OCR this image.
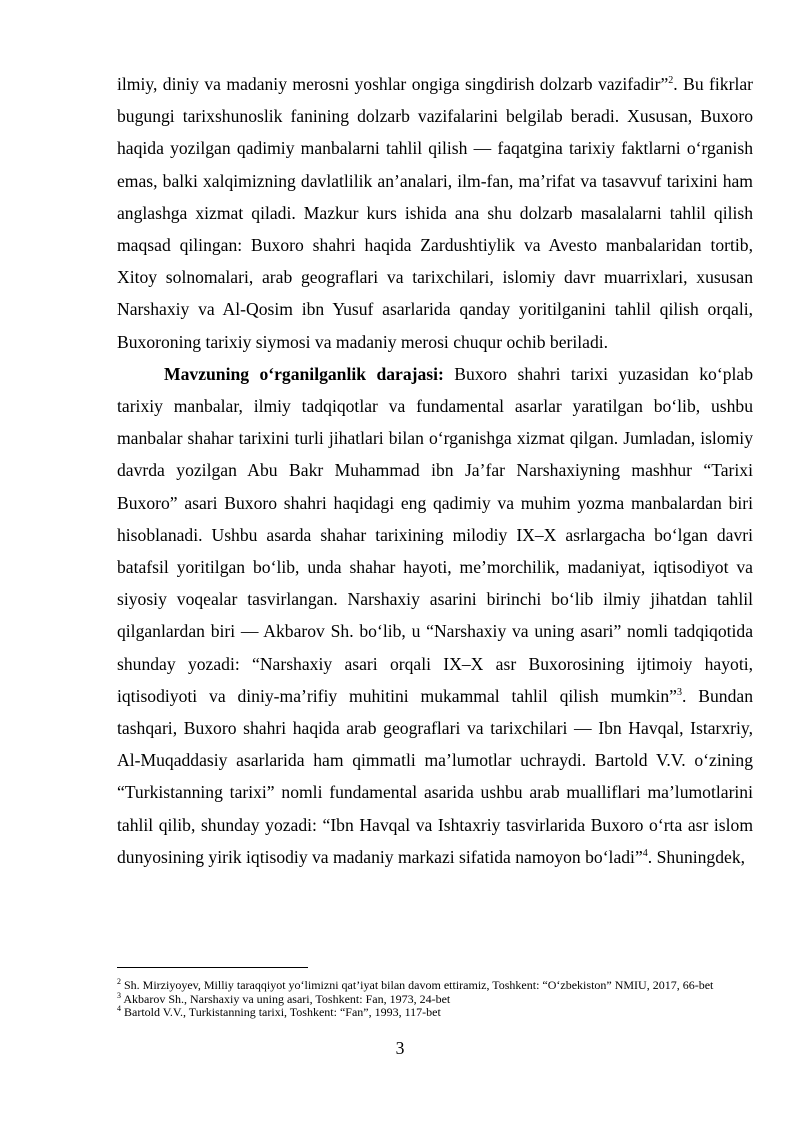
ilmiy, diniy va madaniy merosni yoshlar ongiga singdirish dolzarb vazifadir”$^2$. Bu fikrlar bugungi tarixshunoslik fanining dolzarb vazifalarini belgilab beradi. Xususan, Buxoro haqida yozilgan qadimiy manbalarni tahlil qilish — faqatgina tarixiy faktlarni o‘rganish emas, balki xalqimizning davlatlilik an’analari, ilm-fan, ma’rifat va tasavvuf tarixini ham anglashga xizmat qiladi. Mazkur kurs ishida ana shu dolzarb masalalarni tahlil qilish maqsad qilingan: Buxoro shahri haqida Zardushtiylik va Avesto manbalaridan tortib, Xitoy solnomalari, arab geograflari va tarixchilari, islomiy davr muarrixlari, xususan Narshaxiy va Al-Qosim ibn Yusuf asarlarida qanday yoritilganini tahlil qilish orqali, Buxoroning tarixiy siymosi va madaniy merosi chuqur ochib beriladi.

Mavzuning o‘rganilganlik darajasi: Buxoro shahri tarixi yuzasidan ko‘plab tarixiy manbalar, ilmiy tadqiqotlar va fundamental asarlar yaratilgan bo‘lib, ushbu manbalar shahar tarixini turli jihatlari bilan o‘rganishga xizmat qilgan. Jumladan, islomiy davrda yozilgan Abu Bakr Muhammad ibn Ja’far Narshaxiyning mashhur “Tarixi Buxoro” asari Buxoro shahri haqidagi eng qadimiy va muhim yozma manbalardan biri hisoblanadi. Ushbu asarda shahar tarixining milodiy IX–X asrlargacha bo‘lgan davri batafsil yoritilgan bo‘lib, unda shahar hayoti, me’morchilik, madaniyat, iqtisodiyot va siyosiy voqealar tasvirlangan. Narshaxiy asarini birinchi bo‘lib ilmiy jihatdan tahlil qilganlardan biri — Akbarov Sh. bo‘lib, u “Narshaxiy va uning asari” nomli tadqiqotida shunday yozadi: “Narshaxiy asari orqali IX–X asr Buxorosining ijtimoiy hayoti, iqtisodiyoti va diniy-ma’rifiy muhitini mukammal tahlil qilish mumkin”$^3$. Bundan tashqari, Buxoro shahri haqida arab geograflari va tarixchilari — Ibn Havqal, Istarxriy, Al-Muqaddasiy asarlarida ham qimmatli ma’lumotlar uchraydi. Bartold V.V. o‘zining “Turkistanning tarixi” nomli fundamental asarida ushbu arab mualliflari ma’lumotlarini tahlil qilib, shunday yozadi: “Ibn Havqal va Ishtaxriy tasvirlarida Buxoro o‘rta asr islom dunyosining yirik iqtisodiy va madaniy markazi sifatida namoyon bo‘ladi”$^4$. Shuningdek,

$^2$ Sh. Mirziyoyev, Milliy taraqqiyot yo‘limizni qat’iyat bilan davom ettiramiz, Toshkent: “O‘zbekiston” NMIU, 2017, 66-bet

$^3$ Akbarov Sh., Narshaxiy va uning asari, Toshkent: Fan, 1973, 24-bet

$^4$ Bartold V.V., Turkistanning tarixi, Toshkent: “Fan”, 1993, 117-bet

3
